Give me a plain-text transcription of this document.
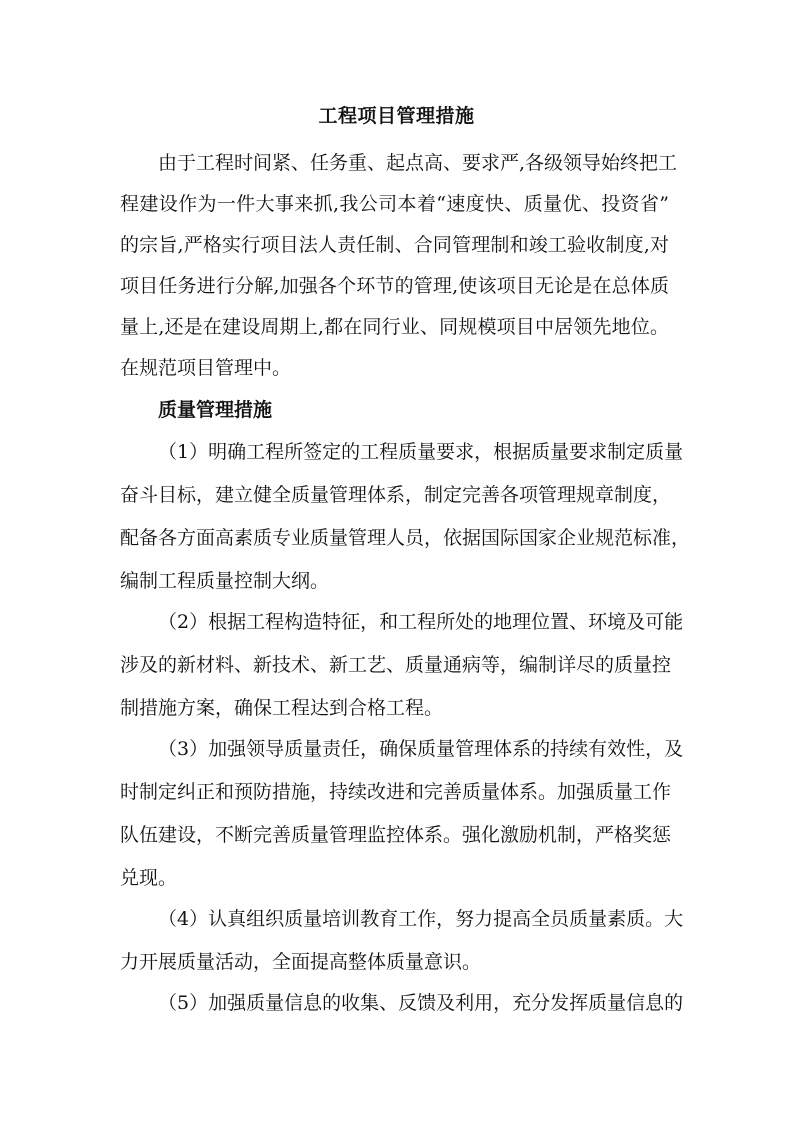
工程项目管理措施
由于工程时间紧、任务重、起点高、要求严,各级领导始终把工
程建设作为一件大事来抓,我公司本着“速度快、质量优、投资省”
的宗旨,严格实行项目法人责任制、合同管理制和竣工验收制度,对
项目任务进行分解,加强各个环节的管理,使该项目无论是在总体质
量上,还是在建设周期上,都在同行业、同规模项目中居领先地位。
在规范项目管理中。
质量管理措施
（1）明确工程所签定的工程质量要求，根据质量要求制定质量
奋斗目标，建立健全质量管理体系，制定完善各项管理规章制度，
配备各方面高素质专业质量管理人员，依据国际国家企业规范标准，
编制工程质量控制大纲。
（2）根据工程构造特征，和工程所处的地理位置、环境及可能
涉及的新材料、新技术、新工艺、质量通病等，编制详尽的质量控
制措施方案，确保工程达到合格工程。
（3）加强领导质量责任，确保质量管理体系的持续有效性，及
时制定纠正和预防措施，持续改进和完善质量体系。加强质量工作
队伍建设，不断完善质量管理监控体系。强化激励机制，严格奖惩
兑现。
（4）认真组织质量培训教育工作，努力提高全员质量素质。大
力开展质量活动，全面提高整体质量意识。
（5）加强质量信息的收集、反馈及利用，充分发挥质量信息的
